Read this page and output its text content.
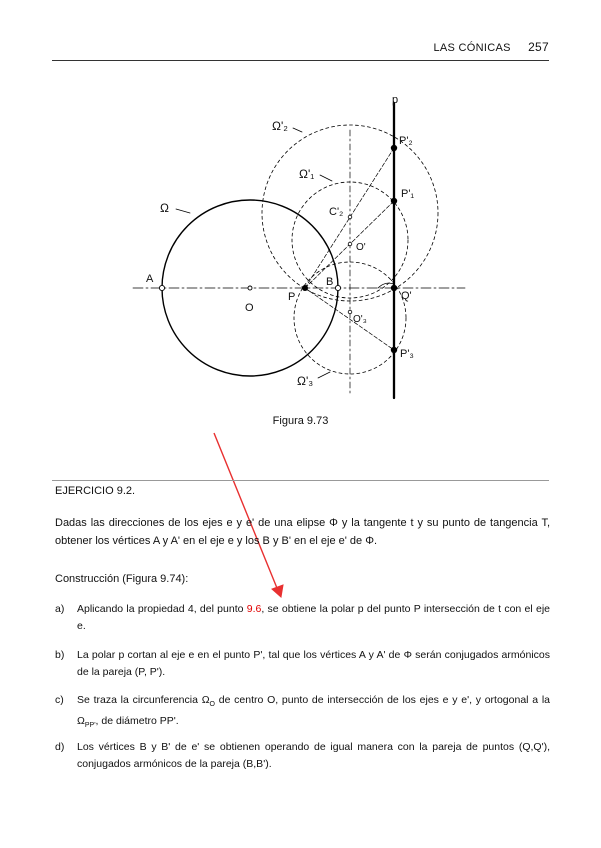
LAS CÓNICAS 257
p
Ω'₂
Ω'₁
Ω
Ω'₃
C'₂
O'
O'₃
P'₂
P'₁
P'₃
A
O
P
B
Q'
Figura 9.73
EJERCICIO 9.2.
Dadas las direcciones de los ejes e y e' de una elipse Φ y la tangente t y su punto de tangencia T, obtener los vértices A y A' en el eje e y los B y B' en el eje e' de Φ.
Construcción (Figura 9.74):
a) Aplicando la propiedad 4, del punto 9.6, se obtiene la polar p del punto P intersección de t con el eje e.
b) La polar p cortan al eje e en el punto P', tal que los vértices A y A' de Φ serán conjugados armónicos de la pareja (P, P').
c) Se traza la circunferencia $\Omega_O$ de centro O, punto de intersección de los ejes e y e', y ortogonal a la $\Omega_{PP'}$, de diámetro PP'.
d) Los vértices B y B' de e' se obtienen operando de igual manera con la pareja de puntos (Q,Q'), conjugados armónicos de la pareja (B,B').
